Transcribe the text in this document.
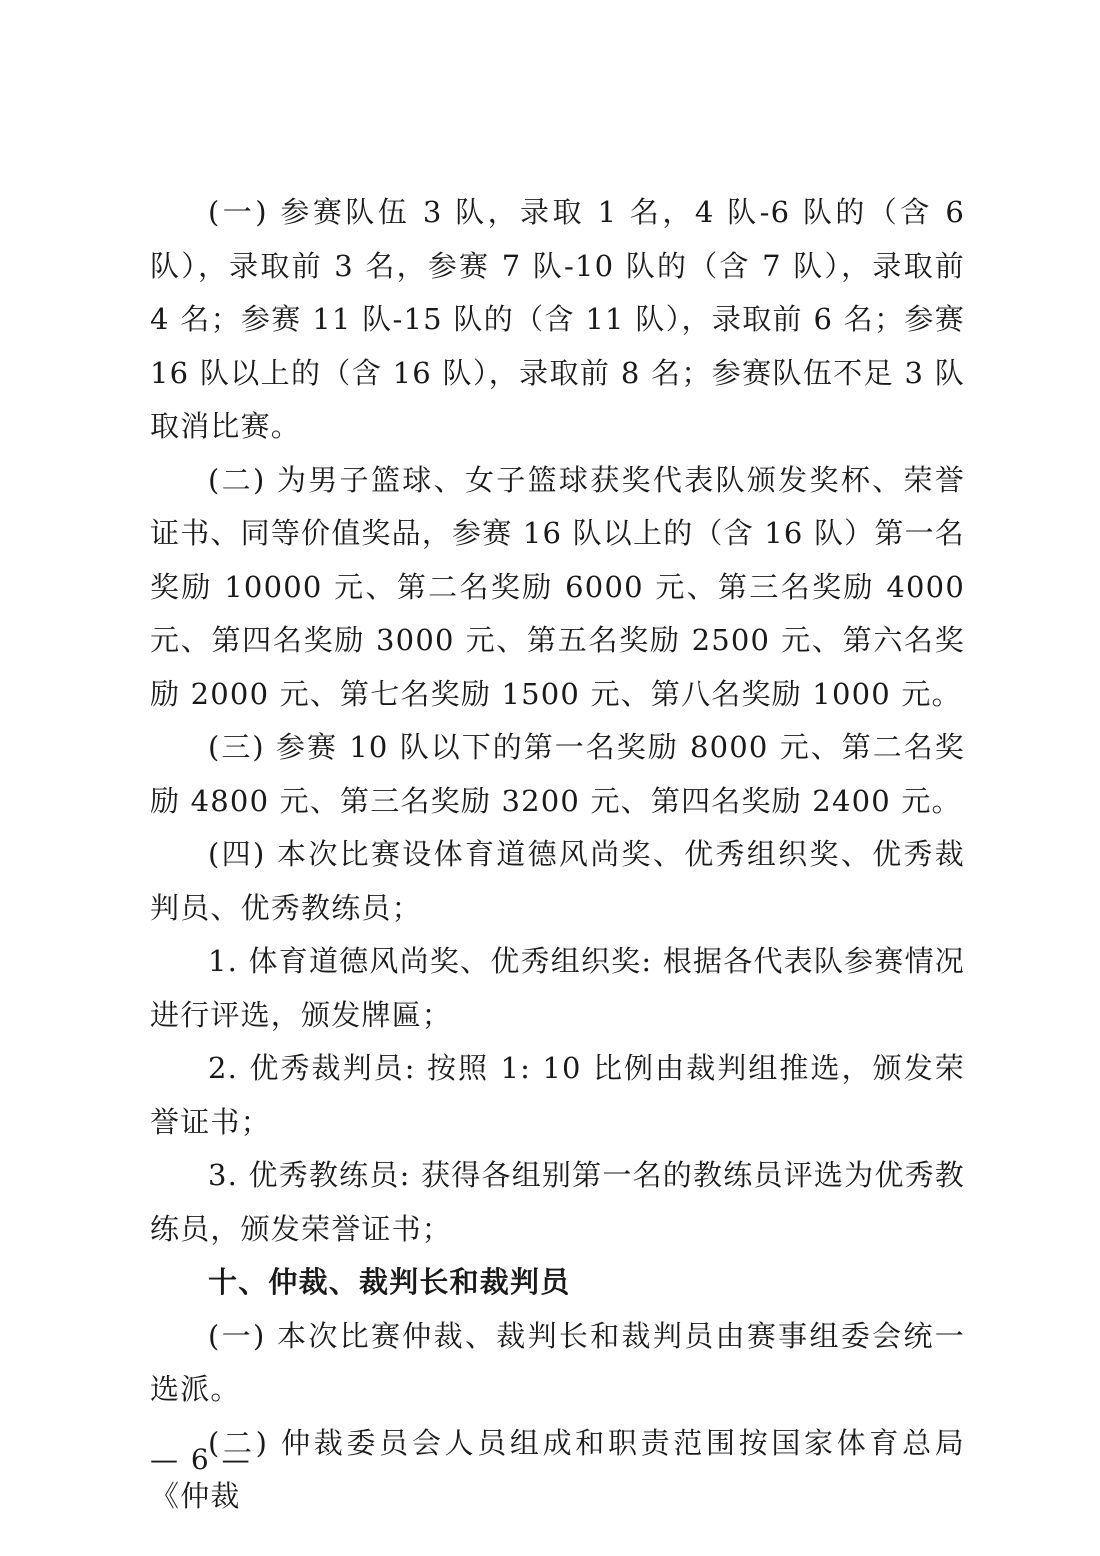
(一) 参赛队伍 3 队，录取 1 名，4 队-6 队的（含 6 队），录取前 3 名，参赛 7 队-10 队的（含 7 队），录取前 4 名；参赛 11 队-15 队的（含 11 队），录取前 6 名；参赛 16 队以上的（含 16 队），录取前 8 名；参赛队伍不足 3 队取消比赛。

(二) 为男子篮球、女子篮球获奖代表队颁发奖杯、荣誉证书、同等价值奖品，参赛 16 队以上的（含 16 队）第一名奖励 10000 元、第二名奖励 6000 元、第三名奖励 4000 元、第四名奖励 3000 元、第五名奖励 2500 元、第六名奖励 2000 元、第七名奖励 1500 元、第八名奖励 1000 元。

(三) 参赛 10 队以下的第一名奖励 8000 元、第二名奖励 4800 元、第三名奖励 3200 元、第四名奖励 2400 元。

(四) 本次比赛设体育道德风尚奖、优秀组织奖、优秀裁判员、优秀教练员；

1. 体育道德风尚奖、优秀组织奖: 根据各代表队参赛情况进行评选，颁发牌匾；

2. 优秀裁判员: 按照 1: 10 比例由裁判组推选，颁发荣誉证书；

3. 优秀教练员: 获得各组别第一名的教练员评选为优秀教练员，颁发荣誉证书；

十、仲裁、裁判长和裁判员

(一) 本次比赛仲裁、裁判长和裁判员由赛事组委会统一选派。

(二) 仲裁委员会人员组成和职责范围按国家体育总局《仲裁

— 6 —
